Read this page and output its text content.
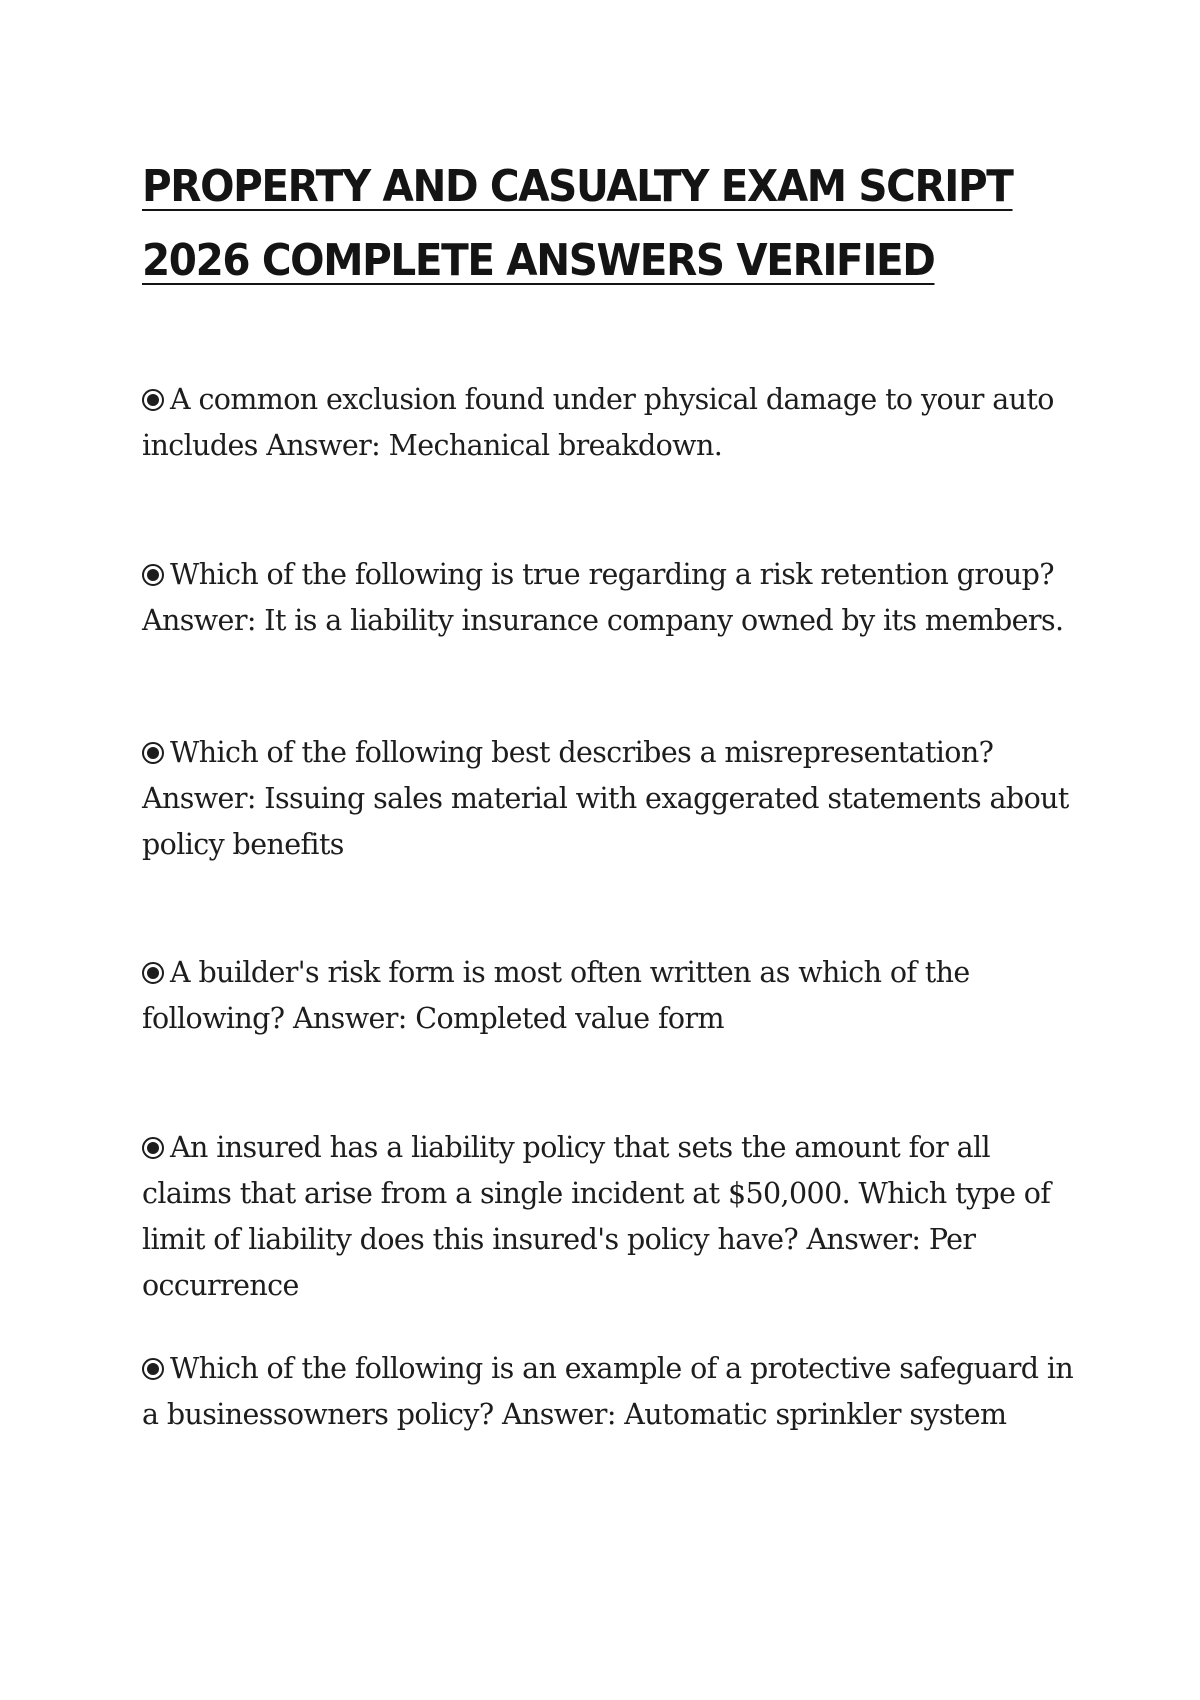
PROPERTY AND CASUALTY EXAM SCRIPT
2026 COMPLETE ANSWERS VERIFIED

A common exclusion found under physical damage to your auto includes Answer: Mechanical breakdown.

Which of the following is true regarding a risk retention group? Answer: It is a liability insurance company owned by its members.

Which of the following best describes a misrepresentation? Answer: Issuing sales material with exaggerated statements about policy benefits

A builder's risk form is most often written as which of the following? Answer: Completed value form

An insured has a liability policy that sets the amount for all claims that arise from a single incident at $50,000. Which type of limit of liability does this insured's policy have? Answer: Per occurrence

Which of the following is an example of a protective safeguard in a businessowners policy? Answer: Automatic sprinkler system
